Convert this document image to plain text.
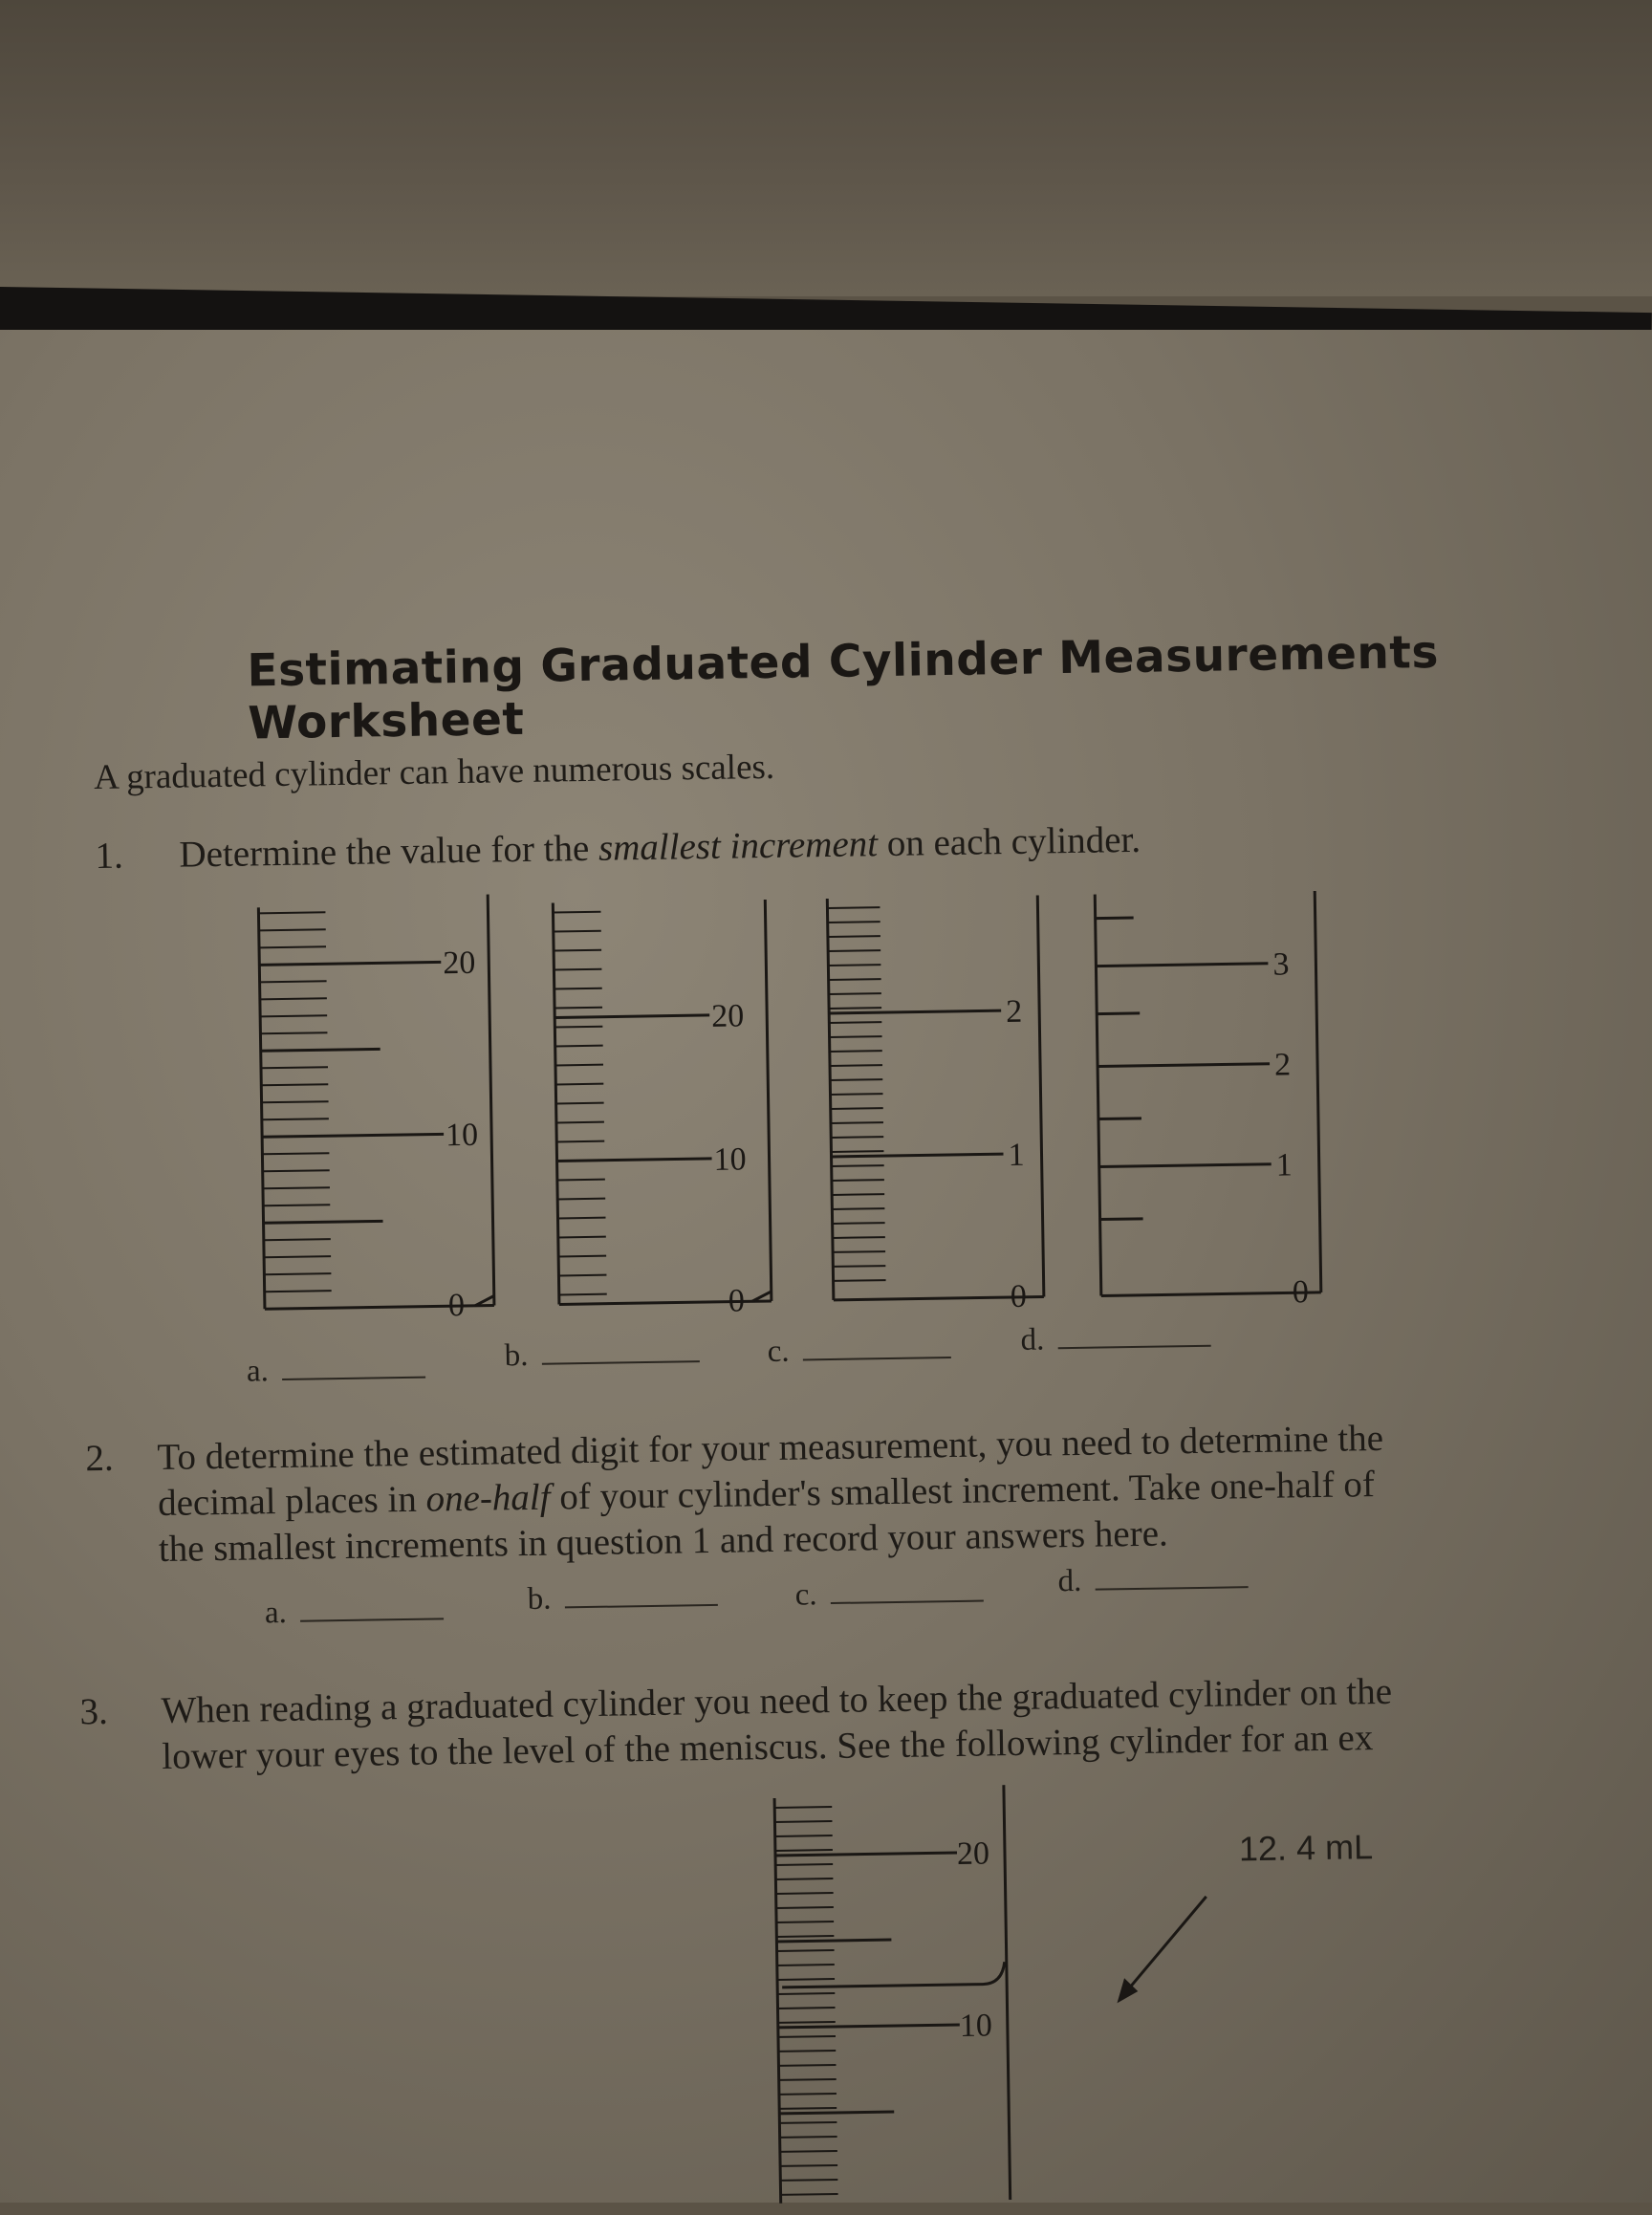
Estimating Graduated Cylinder Measurements Worksheet
A graduated cylinder can have numerous scales.
1. Determine the value for the smallest increment on each cylinder.
20
10
0
20
10
0
2
1
0
3
2
1
0
a.	b.	c.	d.
2. To determine the estimated digit for your measurement, you need to determine the
decimal places in one-half of your cylinder's smallest increment. Take one-half of
the smallest increments in question 1 and record your answers here.
a.	b.	c.	d.
3. When reading a graduated cylinder you need to keep the graduated cylinder on the
lower your eyes to the level of the meniscus. See the following cylinder for an ex
20
10
12. 4 mL
